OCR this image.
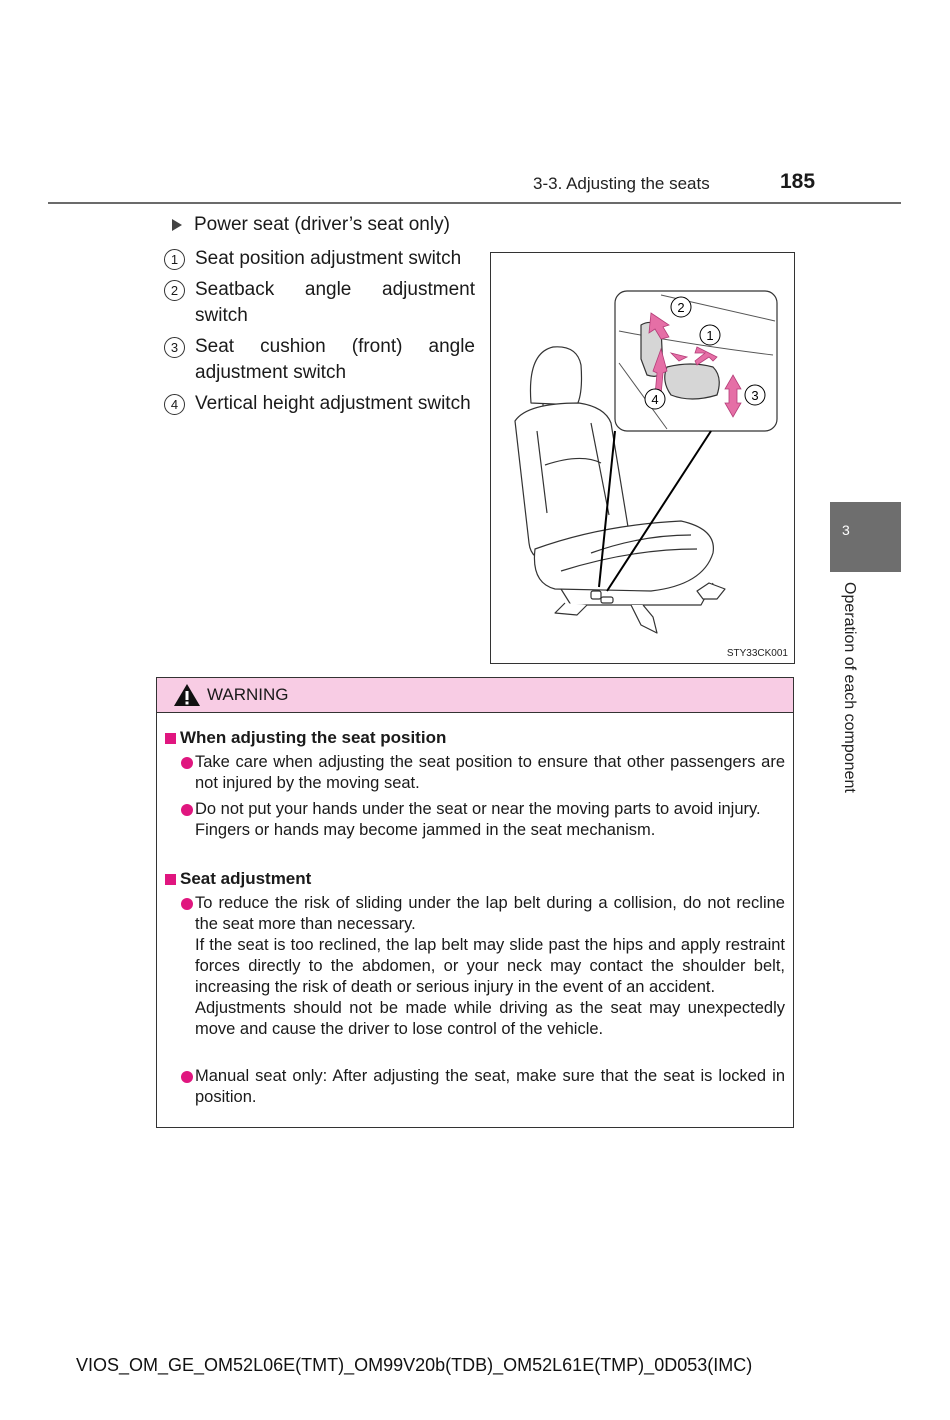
3-3. Adjusting the seats	185
3
Operation of each component
Power seat (driver’s seat only)
1 Seat position adjustment switch
2 Seatback angle adjustment switch
3 Seat cushion (front) angle adjustment switch
4 Vertical height adjustment switch
2
1
3
4
STY33CK001
WARNING
When adjusting the seat position

Take care when adjusting the seat position to ensure that other passengers are not injured by the moving seat.

Do not put your hands under the seat or near the moving parts to avoid injury.
Fingers or hands may become jammed in the seat mechanism.

Seat adjustment

To reduce the risk of sliding under the lap belt during a collision, do not recline the seat more than necessary.
If the seat is too reclined, the lap belt may slide past the hips and apply restraint forces directly to the abdomen, or your neck may contact the shoulder belt, increasing the risk of death or serious injury in the event of an accident.
Adjustments should not be made while driving as the seat may unexpectedly move and cause the driver to lose control of the vehicle.

Manual seat only: After adjusting the seat, make sure that the seat is locked in position.

VIOS_OM_GE_OM52L06E(TMT)_OM99V20b(TDB)_OM52L61E(TMP)_0D053(IMC)
